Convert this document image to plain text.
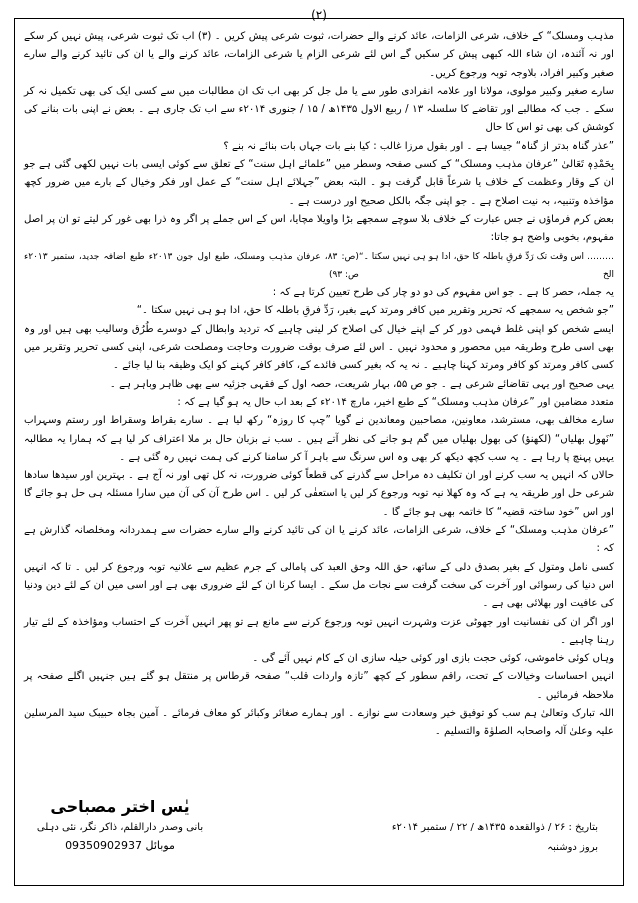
(۲)

مذہب ومسلک“ کے خلاف، شرعی الزامات، عائد کرنے والے حضرات، ثبوت شرعی پیش کریں ۔ (۳) اب تک ثبوت شرعی، پیش نہیں کر سکے اور نہ آئندہ، ان شاء اللہ کبھی پیش کر سکیں گے اس لئے شرعی الزام یا شرعی الزامات، عائد کرنے والے یا ان کی تائید کرنے والے سارے صغیر وکبیر افراد، بلاوجہ توبہ ورجوع کریں۔

سارے صغیر وکبیر مولوی، مولانا اور علامہ انفرادی طور سے یا مل جل کر بھی اب تک ان مطالبات میں سے کسی ایک کی بھی تکمیل نہ کر سکے ۔ جب کہ مطالبے اور تقاضے کا سلسلہ ۱۳ / ربیع الاول ۱۴۳۵ھ / ۱۵ / جنوری ۲۰۱۴ء سے اب تک جاری ہے ۔ بعض نے اپنی بات بنانے کی کوشش کی بھی تو اس کا حال

”عذر گناہ بدتر از گناہ“ جیسا ہے ۔ اور بقول مرزا غالب : کیا بنے بات جہاں بات بنائے نہ بنے ؟

بِحَمْدِہٖ تَعَالیٰ ”عرفان مذہب ومسلک“ کے کسی صفحہ وسطر میں ”علمائے اہل سنت“ کے تعلق سے کوئی ایسی بات نہیں لکھی گئی ہے جو ان کے وقار وعظمت کے خلاف یا شرعاً قابل گرفت ہو ۔ البتہ بعض ”جہلائے اہل سنت“ کے عمل اور فکر وخیال کے بارے میں ضرور کچھ مؤاخذہ وتنبیہ، بہ نیت اصلاح ہے ۔ جو اپنی جگہ بالکل صحیح اور درست ہے ۔

بعض کرم فرماؤں نے جس عبارت کے خلاف بلا سوچے سمجھے بڑا واویلا مچایا، اس کے اس جملے پر اگر وہ ذرا بھی غور کر لیتے تو ان پر اصل مفہوم، بخوبی واضح ہو جاتا:

……… اس وقت تک رَدِّ فرقِ باطلہ کا حق، ادا ہو ہی نہیں سکتا ۔“ الخ
(ص: ۸۳، عرفان مذہب ومسلک، طبع اول جون ۲۰۱۳ء طبع اضافہ جدید، ستمبر ۲۰۱۳ء ص: ۹۳)

یہ جملہ، حصر کا ہے ۔ جو اس مفہوم کی دو دو چار کی طرح تعیین کرتا ہے کہ :

”جو شخص یہ سمجھے کہ تحریر وتقریر میں کافر ومرتد کہے بغیر، رَدِّ فرقِ باطلہ کا حق، ادا ہو ہی نہیں سکتا ۔“

ایسے شخص کو اپنی غلط فہمی دور کر کے اپنے خیال کی اصلاح کر لینی چاہیے کہ تردید وابطال کے دوسرے طُرُق وسالیب بھی ہیں اور وہ بھی اسی طرح وطریقہ میں محصور و محدود نہیں ۔ اس لئے صرف بوقت ضرورت وحاجت ومصلحت شرعی، اپنی کسی تحریر وتقریر میں کسی کافر ومرتد کو کافر ومرتد کہنا چاہیے ۔ نہ یہ کہ بغیر کسی فائدے کے، کافر کافر کہنے کو ایک وظیفہ بنا لیا جائے ۔

یہی صحیح اور یہی تقاضائے شرعی ہے ۔ جو ص ۵۵، بہار شریعت، حصہ اول کے فقہی جزئیہ سے بھی ظاہر وباہر ہے ۔

متعدد مضامین اور ”عرفان مذہب ومسلک“ کے طبع اخیر، مارچ ۲۰۱۴ء کے بعد اب حال یہ ہو گیا ہے کہ :

سارے مخالف بھی، مسترشد، معاونین، مصاحبین ومعاندین نے گویا ”چپ کا روزہ“ رکھ لیا ہے ۔ سارے بقراط وسقراط اور رستم وسہراب ”نَھول بھلیاں“ (لکھنؤ) کی بھول بھلیاں میں گم ہو جانے کی نظر آتے ہیں ۔ سب نے بزبان حال بر ملا اعتراف کر لیا ہے کہ ہمارا یہ مطالبہ یہیں پہنچ پا رہا ہے ۔ یہ سب کچھ دیکھ کر بھی وہ اس سرنگ سے باہر آ کر سامنا کرنے کی ہمت نہیں رہ گئی ہے ۔

حالاں کہ انہیں یہ سب کرنے اور ان تکلیف دہ مراحل سے گذرنے کی قطعاً کوئی ضرورت، نہ کل تھی اور نہ آج ہے ۔ بہترین اور سیدھا سادھا شرعی حل اور طریقہ یہ ہے کہ وہ کھلا نیہ توبہ ورجوع کر لیں یا استعفٰی کر لیں ۔ اس طرح آن کی آن میں سارا مسئلہ ہی حل ہو جائے گا اور اس ”خود ساختہ قضیہ“ کا خاتمہ بھی ہو جائے گا ۔

”عرفان مذہب ومسلک“ کے خلاف، شرعی الزامات، عائد کرنے یا ان کی تائید کرنے والے سارے حضرات سے ہمدردانہ ومخلصانہ گذارش ہے کہ :

کسی نامل ومتول کے بغیر بصدق دلی کے ساتھ، حق اللہ وحق العبد کی پامالی کے جرم عظیم سے علانیہ توبہ ورجوع کر لیں ۔ تا کہ انہیں اس دنیا کی رسوائی اور آخرت کی سخت گرفت سے نجات مل سکے ۔ ایسا کرنا ان کے لئے ضروری بھی ہے اور اسی میں ان کے لئے دین ودنیا کی عافیت اور بھلائی بھی ہے ۔

اور اگر ان کی نفسانیت اور جھوٹی عزت وشہرت انہیں توبہ ورجوع کرنے سے مانع ہے تو پھر انہیں آخرت کے احتساب ومؤاخذہ کے لئے تیار رہنا چاہیے ۔

وہاں کوئی خاموشی، کوئی حجت بازی اور کوئی حیلہ سازی ان کے کام نہیں آئے گی ۔

انہیں احساسات وخیالات کے تحت، راقم سطور کے کچھ ”تازہ واردات قلب“ صفحہ قرطاس پر منتقل ہو گئے ہیں جنہیں اگلے صفحہ پر ملاحظہ فرمائیں ۔

اللہ تبارک وتعالیٰ ہم سب کو توفیق خیر وسعادت سے نوازے ۔ اور ہمارے صغائر وکبائر کو معاف فرمائے ۔ آمین بجاہ حبیبک سید المرسلین علیہ وعلیٰ آلہ واصحابہ الصلوٰۃ والتسلیم ۔

یٰس اختر مصباحی
بانی وصدر دارالقلم، ذاکر نگر، نئی دہلی
موبائل 09350902937
بتاریخ : ۲۶ / ذوالقعدہ ۱۴۳۵ھ / ۲۲ / ستمبر ۲۰۱۴ء
بروز دوشنبہ
